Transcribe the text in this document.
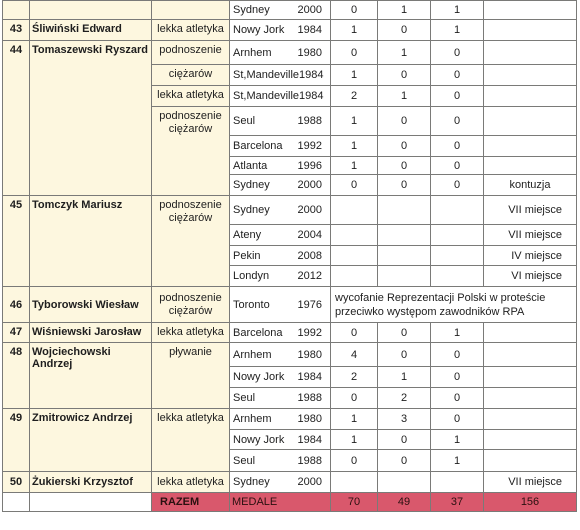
			Sydney 2000	0	1	1	
43	Śliwiński Edward	lekka atletyka	Nowy Jork 1984	1	0	1	
44	Tomaszewski Ryszard	podnoszenie	Arnhem 1980	0	1	0	
		ciężarów	St,Mandeville 1984	1	0	0	
		lekka atletyka	St,Mandeville 1984	2	1	0	
		podnoszenie ciężarów	Seul 1988	1	0	0	

			Barcelona 1992	1	0	0	

			Atlanta 1996	1	0	0	

			Sydney 2000	0	0	0	kontuzja
45	Tomczyk Mariusz	podnoszenie ciężarów	Sydney 2000				VII miejsce

			Ateny 2004				VII miejsce

			Pekin 2008				IV miejsce

			Londyn 2012				VI miejsce
46	Tyborowski Wiesław	podnoszenie ciężarów	Toronto 1976	wycofanie Reprezentacji Polski w proteście przeciwko występom zawodników RPA			
47	Wiśniewski Jarosław	lekka atletyka	Barcelona 1992	0	0	1	
48	Wojciechowski Andrzej	pływanie	Arnhem 1980	4	0	0	

			Nowy Jork 1984	2	1	0	

			Seul 1988	0	2	0	
49	Zmitrowicz Andrzej	lekka atletyka	Arnhem 1980	1	3	0	

			Nowy Jork 1984	1	0	1	

			Seul 1988	0	0	1	
50	Żukierski Krzysztof	lekka atletyka	Sydney 2000				VII miejsce
		RAZEM	MEDALE	70	49	37	156
